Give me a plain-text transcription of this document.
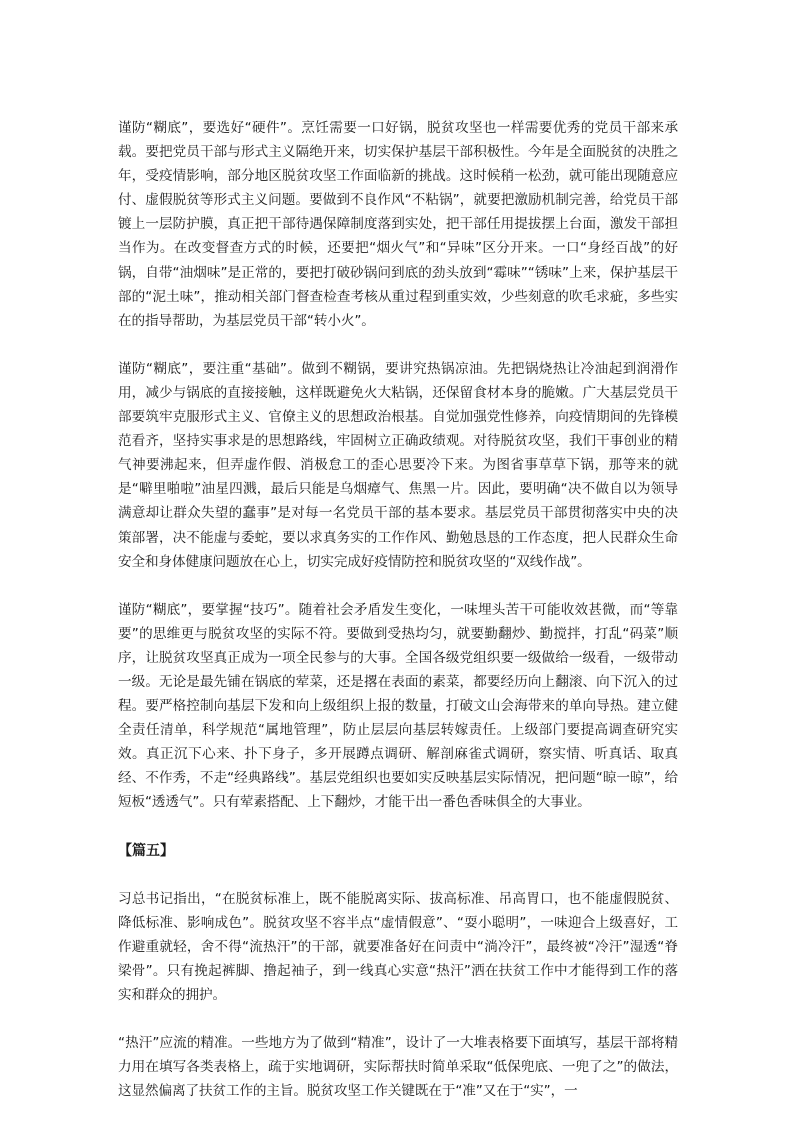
谨防“糊底”，要选好“硬件”。烹饪需要一口好锅，脱贫攻坚也一样需要优秀的党员干部来承载。要把党员干部与形式主义隔绝开来，切实保护基层干部积极性。今年是全面脱贫的决胜之年，受疫情影响，部分地区脱贫攻坚工作面临新的挑战。这时候稍一松劲，就可能出现随意应付、虚假脱贫等形式主义问题。要做到不良作风“不粘锅”，就要把激励机制完善，给党员干部镀上一层防护膜，真正把干部待遇保障制度落到实处，把干部任用提拔摆上台面，激发干部担当作为。在改变督查方式的时候，还要把“烟火气”和“异味”区分开来。一口“身经百战”的好锅，自带“油烟味”是正常的，要把打破砂锅问到底的劲头放到“霉味”“锈味”上来，保护基层干部的“泥土味”，推动相关部门督查检查考核从重过程到重实效，少些刻意的吹毛求疵，多些实在的指导帮助，为基层党员干部“转小火”。

谨防“糊底”，要注重“基础”。做到不糊锅，要讲究热锅凉油。先把锅烧热让冷油起到润滑作用，减少与锅底的直接接触，这样既避免火大粘锅，还保留食材本身的脆嫩。广大基层党员干部要筑牢克服形式主义、官僚主义的思想政治根基。自觉加强党性修养，向疫情期间的先锋模范看齐，坚持实事求是的思想路线，牢固树立正确政绩观。对待脱贫攻坚，我们干事创业的精气神要沸起来，但弄虚作假、消极怠工的歪心思要冷下来。为图省事草草下锅，那等来的就是“噼里啪啦”油星四溅，最后只能是乌烟瘴气、焦黑一片。因此，要明确“决不做自以为领导满意却让群众失望的蠢事”是对每一名党员干部的基本要求。基层党员干部贯彻落实中央的决策部署，决不能虚与委蛇，要以求真务实的工作作风、勤勉恳恳的工作态度，把人民群众生命安全和身体健康问题放在心上，切实完成好疫情防控和脱贫攻坚的“双线作战”。

谨防“糊底”，要掌握“技巧”。随着社会矛盾发生变化，一味埋头苦干可能收效甚微，而“等靠要”的思维更与脱贫攻坚的实际不符。要做到受热均匀，就要勤翻炒、勤搅拌，打乱“码菜”顺序，让脱贫攻坚真正成为一项全民参与的大事。全国各级党组织要一级做给一级看，一级带动一级。无论是最先铺在锅底的荤菜，还是撂在表面的素菜，都要经历向上翻滚、向下沉入的过程。要严格控制向基层下发和向上级组织上报的数量，打破文山会海带来的单向导热。建立健全责任清单，科学规范“属地管理”，防止层层向基层转嫁责任。上级部门要提高调查研究实效。真正沉下心来、扑下身子，多开展蹲点调研、解剖麻雀式调研，察实情、听真话、取真经、不作秀，不走“经典路线”。基层党组织也要如实反映基层实际情况，把问题“晾一晾”，给短板“透透气”。只有荤素搭配、上下翻炒，才能干出一番色香味俱全的大事业。

【篇五】

习总书记指出，“在脱贫标准上，既不能脱离实际、拔高标准、吊高胃口，也不能虚假脱贫、降低标准、影响成色”。脱贫攻坚不容半点“虚情假意”、“耍小聪明”，一味迎合上级喜好，工作避重就轻，舍不得“流热汗”的干部，就要准备好在问责中“淌冷汗”，最终被“冷汗”湿透“脊梁骨”。只有挽起裤脚、撸起袖子，到一线真心实意“热汗”洒在扶贫工作中才能得到工作的落实和群众的拥护。

“热汗”应流的精准。一些地方为了做到“精准”，设计了一大堆表格要下面填写，基层干部将精力用在填写各类表格上，疏于实地调研，实际帮扶时简单采取“低保兜底、一兜了之”的做法，这显然偏离了扶贫工作的主旨。脱贫攻坚工作关键既在于“准”又在于“实”，一
